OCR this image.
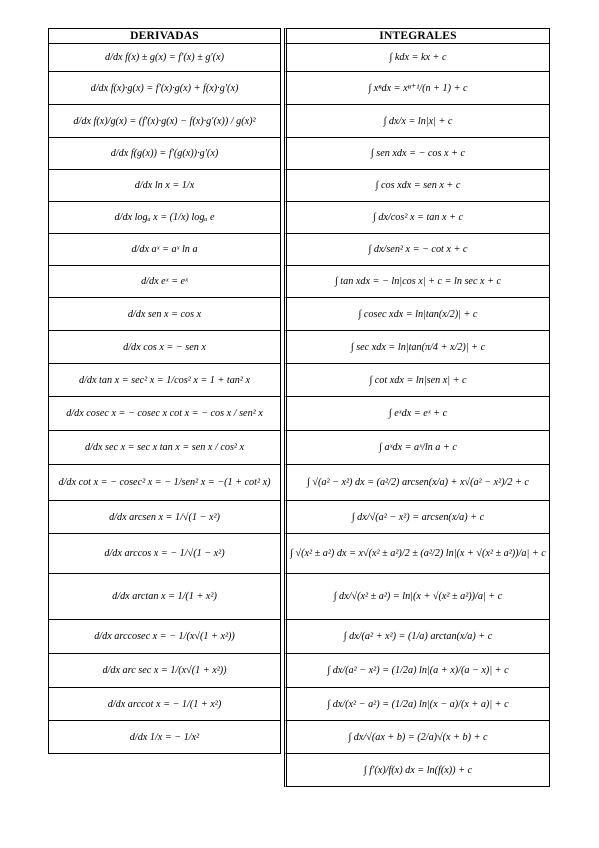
DERIVADAS
d/dx f(x) ± g(x) = f′(x) ± g′(x)
d/dx f(x)·g(x) = f′(x)·g(x) + f(x)·g′(x)
d/dx f(x)/g(x) = (f′(x)·g(x) − f(x)·g′(x)) / g(x)²
d/dx f(g(x)) = f′(g(x))·g′(x)
d/dx ln x = 1/x
d/dx logₐ x = (1/x) logₐ e
d/dx aˣ = aˣ ln a
d/dx eˣ = eˣ
d/dx sen x = cos x
d/dx cos x = − sen x
d/dx tan x = sec² x = 1/cos² x = 1 + tan² x
d/dx cosec x = − cosec x cot x = − cos x / sen² x
d/dx sec x = sec x tan x = sen x / cos² x
d/dx cot x = − cosec² x = − 1/sen² x = −(1 + cot² x)
d/dx arcsen x = 1/√(1 − x²)
d/dx arccos x = − 1/√(1 − x²)
d/dx arctan x = 1/(1 + x²)
d/dx arccosec x = − 1/(x√(1 + x²))
d/dx arc sec x = 1/(x√(1 + x²))
d/dx arccot x = − 1/(1 + x²)
d/dx 1/x = − 1/x²
INTEGRALES
∫ kdx = kx + c
∫ xⁿdx = xⁿ⁺¹/(n + 1) + c
∫ dx/x = ln|x| + c
∫ sen xdx = − cos x + c
∫ cos xdx = sen x + c
∫ dx/cos² x = tan x + c
∫ dx/sen² x = − cot x + c
∫ tan xdx = − ln|cos x| + c = ln sec x + c
∫ cosec xdx = ln|tan(x/2)| + c
∫ sec xdx = ln|tan(π/4 + x/2)| + c
∫ cot xdx = ln|sen x| + c
∫ eˣdx = eˣ + c
∫ aˣdx = aˣ/ln a + c
∫ √(a² − x²) dx = (a²/2) arcsen(x/a) + x√(a² − x²)/2 + c
∫ dx/√(a² − x²) = arcsen(x/a) + c
∫ √(x² ± a²) dx = x√(x² ± a²)/2 ± (a²/2) ln|(x + √(x² ± a²))/a| + c
∫ dx/√(x² ± a²) = ln|(x + √(x² ± a²))/a| + c
∫ dx/(a² + x²) = (1/a) arctan(x/a) + c
∫ dx/(a² − x²) = (1/2a) ln|(a + x)/(a − x)| + c
∫ dx/(x² − a²) = (1/2a) ln|(x − a)/(x + a)| + c
∫ dx/√(ax + b) = (2/a)√(x + b) + c
∫ f′(x)/f(x) dx = ln(f(x)) + c
